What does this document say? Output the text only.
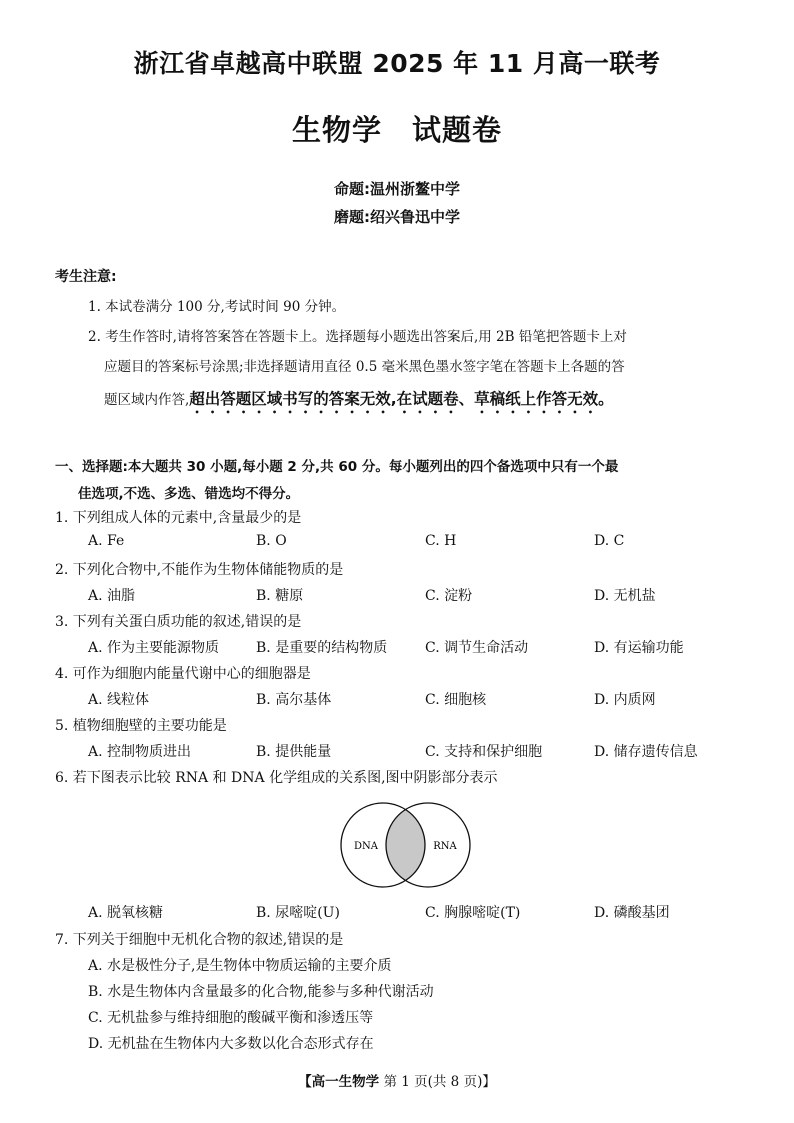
浙江省卓越高中联盟 2025 年 11 月高一联考
生物学 试题卷
命题:温州浙鳌中学
磨题:绍兴鲁迅中学
考生注意:
1. 本试卷满分 100 分,考试时间 90 分钟。
2. 考生作答时,请将答案答在答题卡上。选择题每小题选出答案后,用 2B 铅笔把答题卡上对
应题目的答案标号涂黑;非选择题请用直径 0.5 毫米黑色墨水签字笔在答题卡上各题的答
题区域内作答,超出答题区域书写的答案无效,在试题卷、草稿纸上作答无效。
一、选择题:本大题共 30 小题,每小题 2 分,共 60 分。每小题列出的四个备选项中只有一个最
佳选项,不选、多选、错选均不得分。
1. 下列组成人体的元素中,含量最少的是
A. Fe	B. O	C. H	D. C
2. 下列化合物中,不能作为生物体储能物质的是
A. 油脂	B. 糖原	C. 淀粉	D. 无机盐
3. 下列有关蛋白质功能的叙述,错误的是
A. 作为主要能源物质	B. 是重要的结构物质	C. 调节生命活动	D. 有运输功能
4. 可作为细胞内能量代谢中心的细胞器是
A. 线粒体	B. 高尔基体	C. 细胞核	D. 内质网
5. 植物细胞壁的主要功能是
A. 控制物质进出	B. 提供能量	C. 支持和保护细胞	D. 储存遗传信息
6. 若下图表示比较 RNA 和 DNA 化学组成的关系图,图中阴影部分表示
DNA	RNA
A. 脱氧核糖	B. 尿嘧啶(U)	C. 胸腺嘧啶(T)	D. 磷酸基团
7. 下列关于细胞中无机化合物的叙述,错误的是
A. 水是极性分子,是生物体中物质运输的主要介质
B. 水是生物体内含量最多的化合物,能参与多种代谢活动
C. 无机盐参与维持细胞的酸碱平衡和渗透压等
D. 无机盐在生物体内大多数以化合态形式存在
【高一生物学 第 1 页(共 8 页)】
